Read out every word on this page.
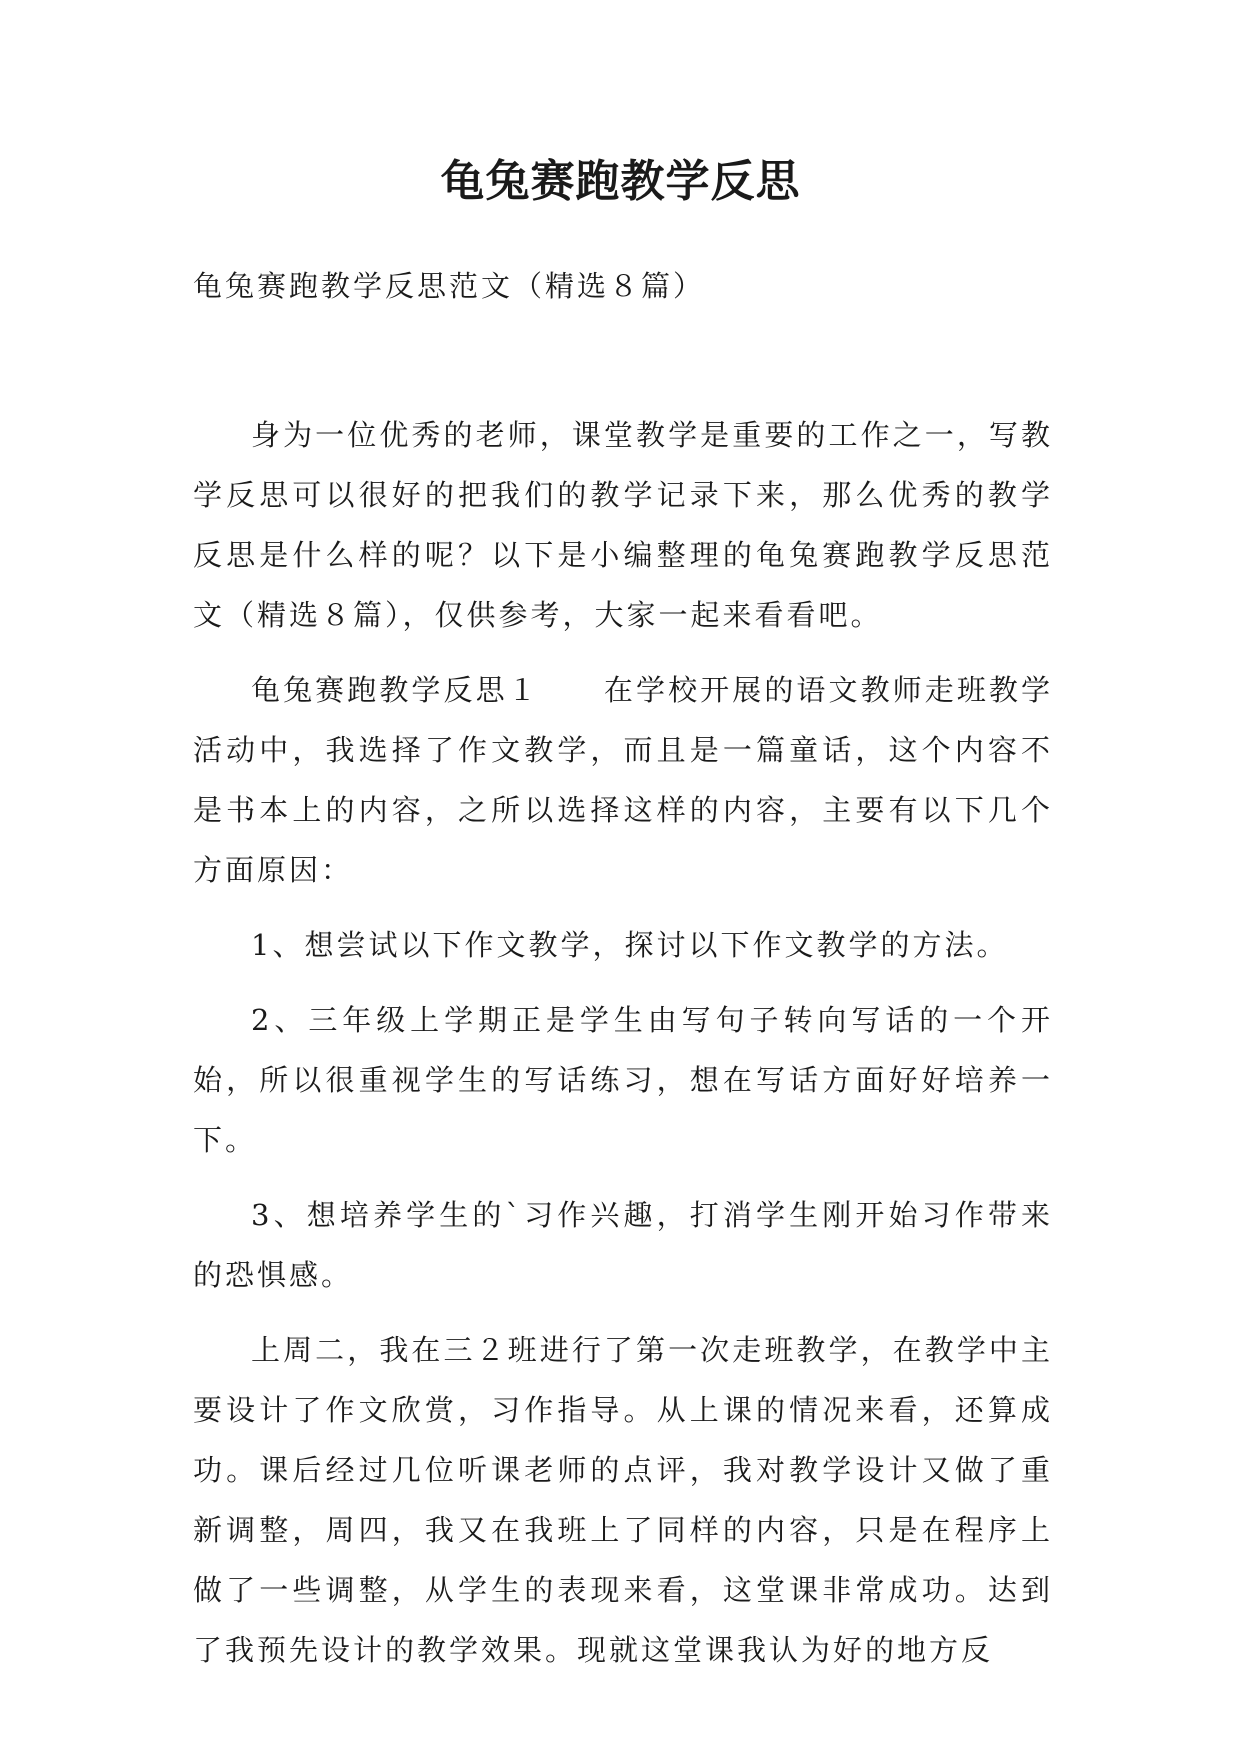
龟兔赛跑教学反思

龟兔赛跑教学反思范文（精选８篇）

身为一位优秀的老师，课堂教学是重要的工作之一，写教学反思可以很好的把我们的教学记录下来，那么优秀的教学反思是什么样的呢？以下是小编整理的龟兔赛跑教学反思范文（精选８篇），仅供参考，大家一起来看看吧。

龟兔赛跑教学反思１　　在学校开展的语文教师走班教学活动中，我选择了作文教学，而且是一篇童话，这个内容不是书本上的内容，之所以选择这样的内容，主要有以下几个方面原因：

1、想尝试以下作文教学，探讨以下作文教学的方法。

2、三年级上学期正是学生由写句子转向写话的一个开始，所以很重视学生的写话练习，想在写话方面好好培养一下。

3、想培养学生的`习作兴趣，打消学生刚开始习作带来的恐惧感。

上周二，我在三２班进行了第一次走班教学，在教学中主要设计了作文欣赏，习作指导。从上课的情况来看，还算成功。课后经过几位听课老师的点评，我对教学设计又做了重新调整，周四，我又在我班上了同样的内容，只是在程序上做了一些调整，从学生的表现来看，这堂课非常成功。达到了我预先设计的教学效果。现就这堂课我认为好的地方反
